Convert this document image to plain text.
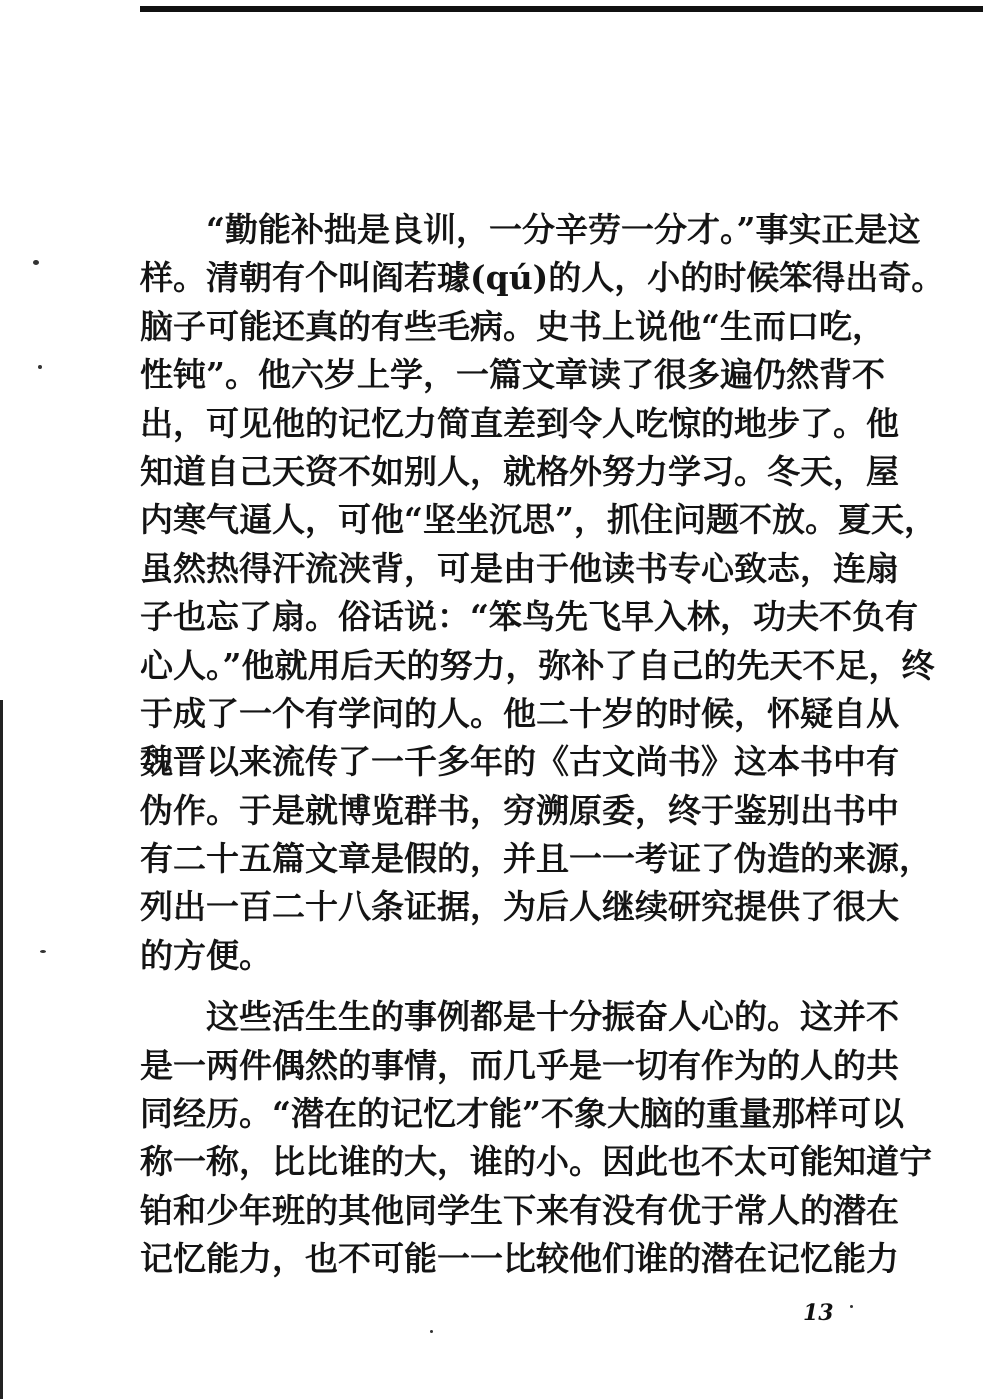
“勤能补拙是良训，一分辛劳一分才。”事实正是这
样。清朝有个叫阎若璩(qú)的人，小的时候笨得出奇。
脑子可能还真的有些毛病。史书上说他“生而口吃，
性钝”。他六岁上学，一篇文章读了很多遍仍然背不
出，可见他的记忆力简直差到令人吃惊的地步了。他
知道自己天资不如别人，就格外努力学习。冬天，屋
内寒气逼人，可他“坚坐沉思”，抓住问题不放。夏天，
虽然热得汗流浃背，可是由于他读书专心致志，连扇
子也忘了扇。俗话说：“笨鸟先飞早入林，功夫不负有
心人。”他就用后天的努力，弥补了自己的先天不足，终
于成了一个有学问的人。他二十岁的时候，怀疑自从
魏晋以来流传了一千多年的《古文尚书》这本书中有
伪作。于是就博览群书，穷溯原委，终于鉴别出书中
有二十五篇文章是假的，并且一一考证了伪造的来源，
列出一百二十八条证据，为后人继续研究提供了很大
的方便。
这些活生生的事例都是十分振奋人心的。这并不
是一两件偶然的事情，而几乎是一切有作为的人的共
同经历。“潜在的记忆才能”不象大脑的重量那样可以
称一称，比比谁的大，谁的小。因此也不太可能知道宁
铂和少年班的其他同学生下来有没有优于常人的潜在
记忆能力，也不可能一一比较他们谁的潜在记忆能力
13
